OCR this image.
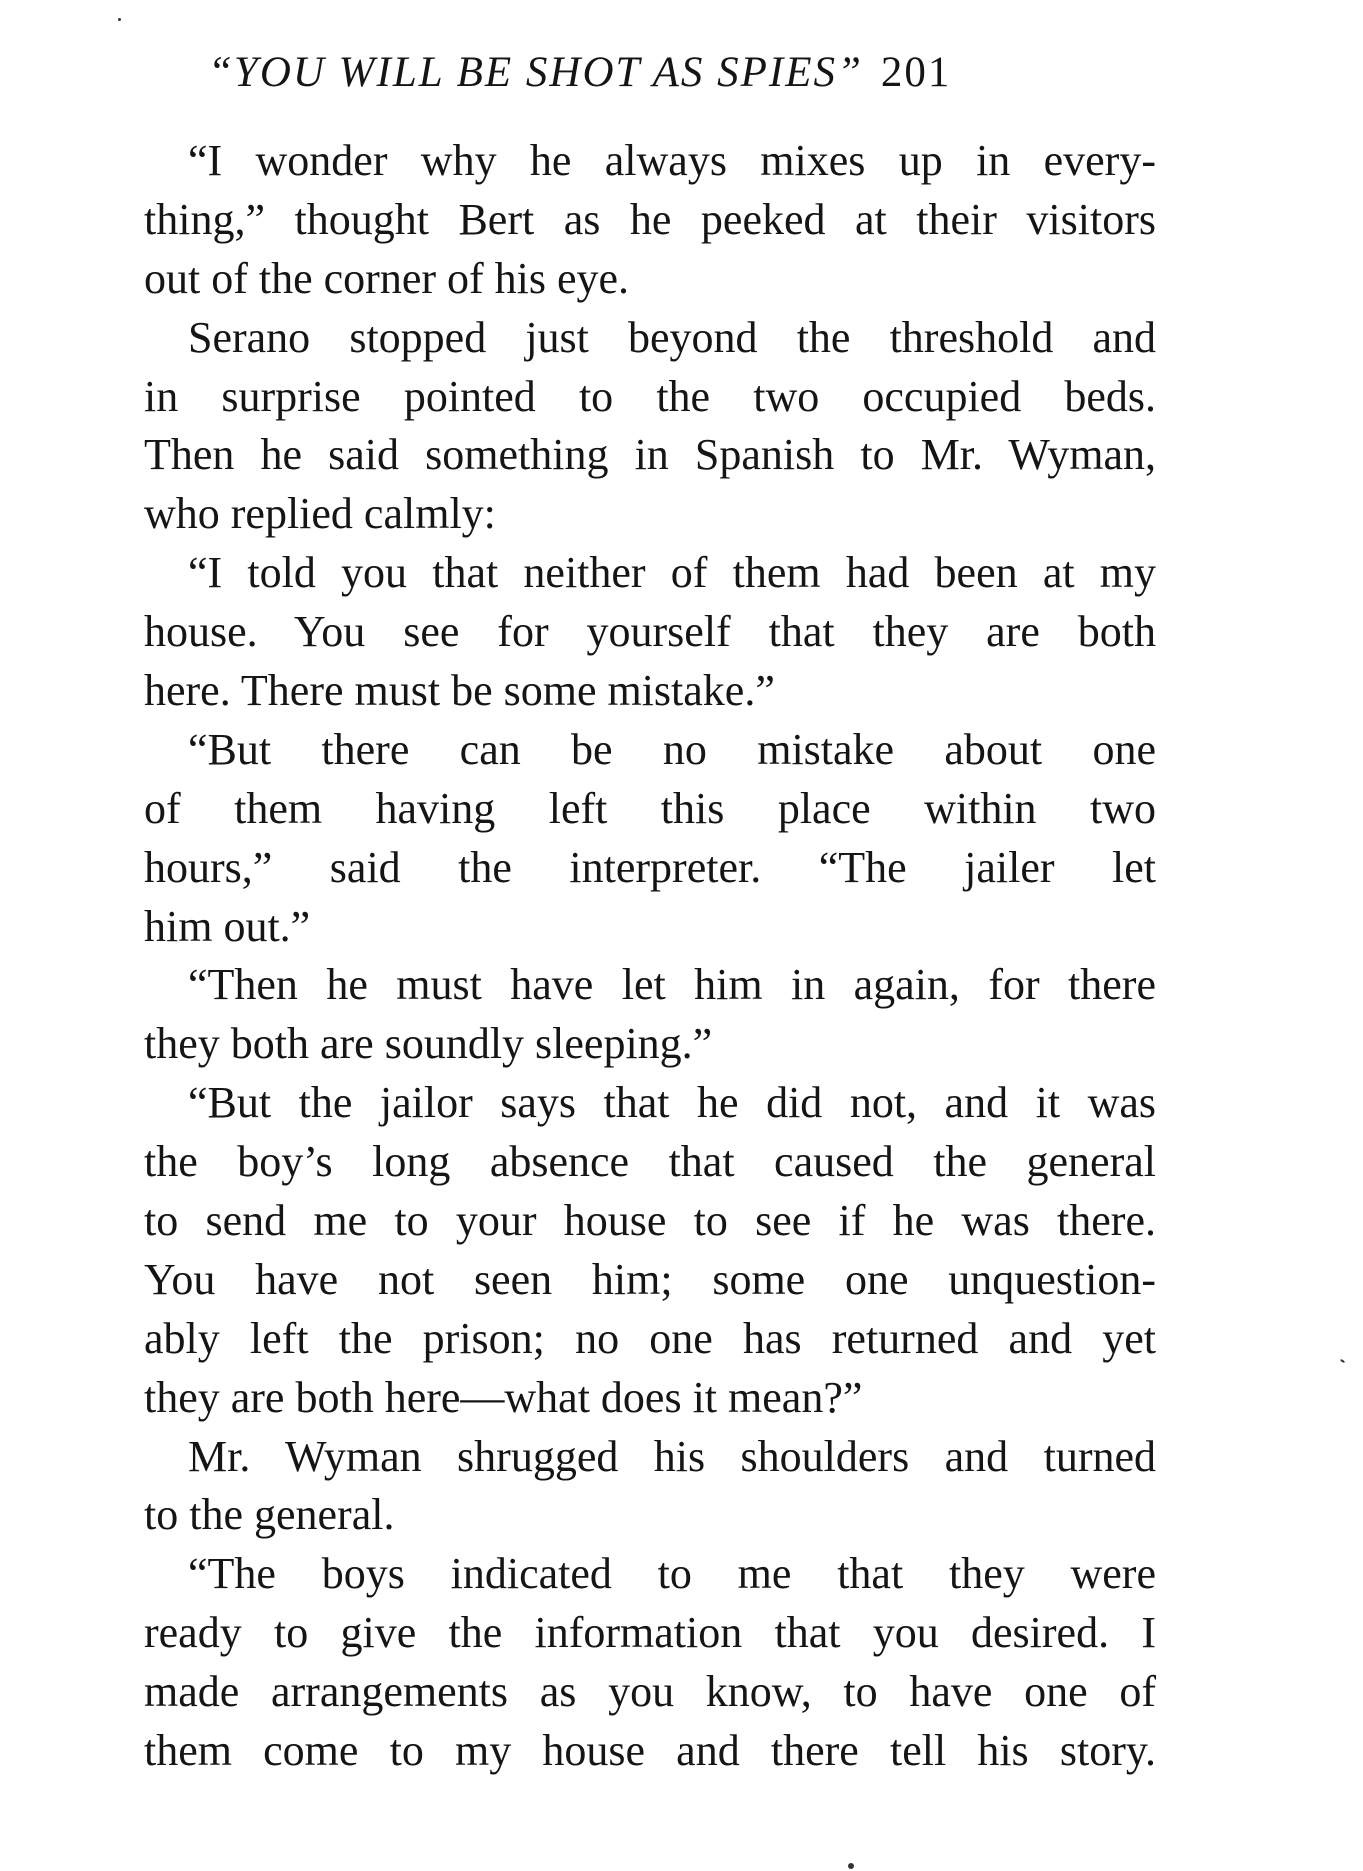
“YOU WILL BE SHOT AS SPIES” 201
“I wonder why he always mixes up in every-
thing,” thought Bert as he peeked at their visitors
out of the corner of his eye.
Serano stopped just beyond the threshold and
in surprise pointed to the two occupied beds.
Then he said something in Spanish to Mr. Wyman,
who replied calmly:
“I told you that neither of them had been at my
house. You see for yourself that they are both
here. There must be some mistake.”
“But there can be no mistake about one
of them having left this place within two
hours,” said the interpreter. “The jailer let
him out.”
“Then he must have let him in again, for there
they both are soundly sleeping.”
“But the jailor says that he did not, and it was
the boy’s long absence that caused the general
to send me to your house to see if he was there.
You have not seen him; some one unquestion-
ably left the prison; no one has returned and yet
they are both here—what does it mean?”
Mr. Wyman shrugged his shoulders and turned
to the general.
“The boys indicated to me that they were
ready to give the information that you desired. I
made arrangements as you know, to have one of
them come to my house and there tell his story.
